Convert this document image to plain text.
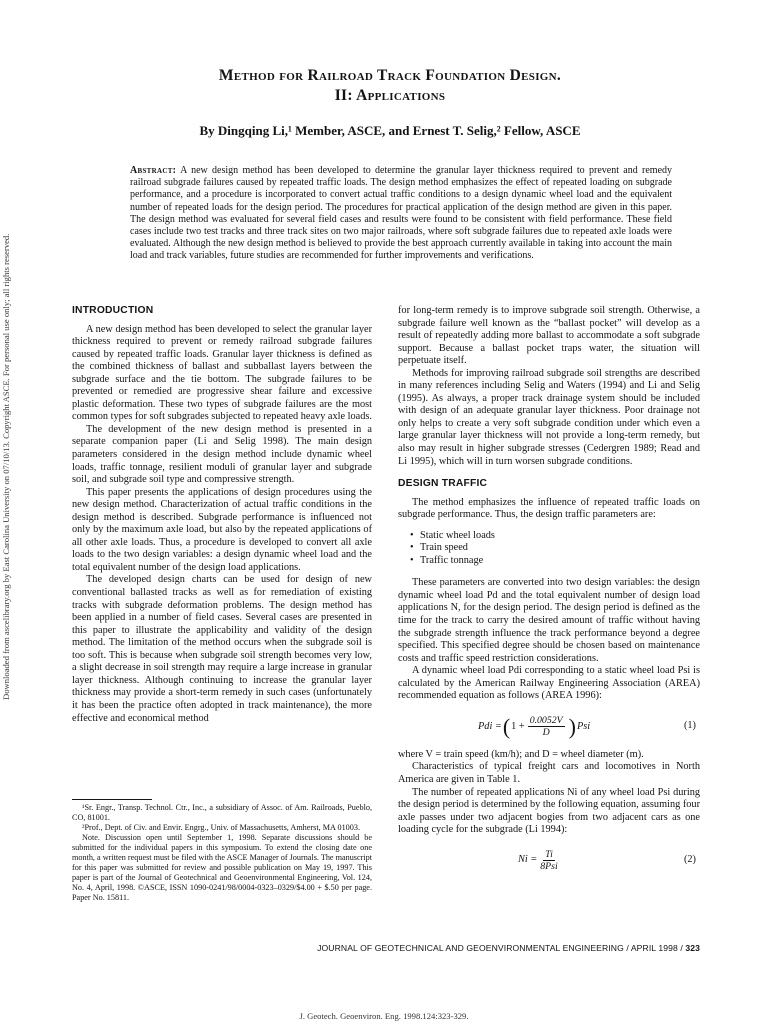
Downloaded from ascelibrary.org by East Carolina University on 07/10/13. Copyright ASCE. For personal use only; all rights reserved.
Method for Railroad Track Foundation Design.
II: Applications
By Dingqing Li,¹ Member, ASCE, and Ernest T. Selig,² Fellow, ASCE
Abstract: A new design method has been developed to determine the granular layer thickness required to prevent and remedy railroad subgrade failures caused by repeated traffic loads. The design method emphasizes the effect of repeated loading on subgrade performance, and a procedure is incorporated to convert actual traffic conditions to a design dynamic wheel load and the equivalent number of repeated loads for the design period. The procedures for practical application of the design method are given in this paper. The design method was evaluated for several field cases and results were found to be consistent with field performance. These field cases include two test tracks and three track sites on two major railroads, where soft subgrade failures due to repeated axle loads were evaluated. Although the new design method is believed to provide the best approach currently available in taking into account the main load and track variables, future studies are recommended for further improvements and verifications.
INTRODUCTION

A new design method has been developed to select the granular layer thickness required to prevent or remedy railroad subgrade failures caused by repeated traffic loads. Granular layer thickness is defined as the combined thickness of ballast and subballast layers between the subgrade surface and the tie bottom. The subgrade failures to be prevented or remedied are progressive shear failure and excessive plastic deformation. These two types of subgrade failures are the most common types for soft subgrades subjected to repeated heavy axle loads.

The development of the new design method is presented in a separate companion paper (Li and Selig 1998). The main design parameters considered in the design method include dynamic wheel loads, traffic tonnage, resilient moduli of granular layer and subgrade soil, and subgrade soil type and compressive strength.

This paper presents the applications of design procedures using the new design method. Characterization of actual traffic conditions in the design method is described. Subgrade performance is influenced not only by the maximum axle load, but also by the repeated applications of all other axle loads. Thus, a procedure is developed to convert all axle loads to the two design variables: a design dynamic wheel load and the total equivalent number of the design load applications.

The developed design charts can be used for design of new conventional ballasted tracks as well as for remediation of existing tracks with subgrade deformation problems. The design method has been applied in a number of field cases. Several cases are presented in this paper to illustrate the applicability and validity of the design method. The limitation of the method occurs when the subgrade soil is too soft. This is because when subgrade soil strength becomes very low, a slight decrease in soil strength may require a large increase in granular layer thickness. Although continuing to increase the granular layer thickness may provide a short-term remedy in such cases (unfortunately it has been the practice often adopted in track maintenance), the more effective and economical method

for long-term remedy is to improve subgrade soil strength. Otherwise, a subgrade failure well known as the “ballast pocket” will develop as a result of repeatedly adding more ballast to accommodate a soft subgrade support. Because a ballast pocket traps water, the situation will perpetuate itself.

Methods for improving railroad subgrade soil strengths are described in many references including Selig and Waters (1994) and Li and Selig (1995). As always, a proper track drainage system should be included with design of an adequate granular layer thickness. Poor drainage not only helps to create a very soft subgrade condition under which even a large granular layer thickness will not provide a long-term remedy, but also may result in higher subgrade stresses (Cedergren 1989; Read and Li 1995), which will in turn worsen subgrade conditions.

DESIGN TRAFFIC

The method emphasizes the influence of repeated traffic loads on subgrade performance. Thus, the design traffic parameters are:

• Static wheel loads
• Train speed
• Traffic tonnage

These parameters are converted into two design variables: the design dynamic wheel load Pd and the total equivalent number of design load applications N, for the design period. The design period is defined as the time for the track to carry the desired amount of traffic without having the subgrade strength influence the track performance beyond a degree specified. This specified degree should be chosen based on maintenance costs and traffic speed restriction considerations.

A dynamic wheel load Pdi corresponding to a static wheel load Psi is calculated by the American Railway Engineering Association (AREA) recommended equation as follows (AREA 1996):

Pdi = ( $1 + \frac{0.0052V}{D}$ ) Psi	(1)

where V = train speed (km/h); and D = wheel diameter (m).

Characteristics of typical freight cars and locomotives in North America are given in Table 1.

The number of repeated applications Ni of any wheel load Psi during the design period is determined by the following equation, assuming four axle passes under two adjacent bogies from two adjacent cars as one loading cycle for the subgrade (Li 1994):

$Ni = \frac{Ti}{\text{8Psi}}$	(2)

¹Sr. Engr., Transp. Technol. Ctr., Inc., a subsidiary of Assoc. of Am. Railroads, Pueblo, CO, 81001.

²Prof., Dept. of Civ. and Envir. Engrg., Univ. of Massachusetts, Amherst, MA 01003.

Note. Discussion open until September 1, 1998. Separate discussions should be submitted for the individual papers in this symposium. To extend the closing date one month, a written request must be filed with the ASCE Manager of Journals. The manuscript for this paper was submitted for review and possible publication on May 19, 1997. This paper is part of the Journal of Geotechnical and Geoenvironmental Engineering, Vol. 124, No. 4, April, 1998. ©ASCE, ISSN 1090-0241/98/0004-0323–0329/$4.00 + $.50 per page. Paper No. 15811.

JOURNAL OF GEOTECHNICAL AND GEOENVIRONMENTAL ENGINEERING / APRIL 1998 / 323
J. Geotech. Geoenviron. Eng. 1998.124:323-329.
